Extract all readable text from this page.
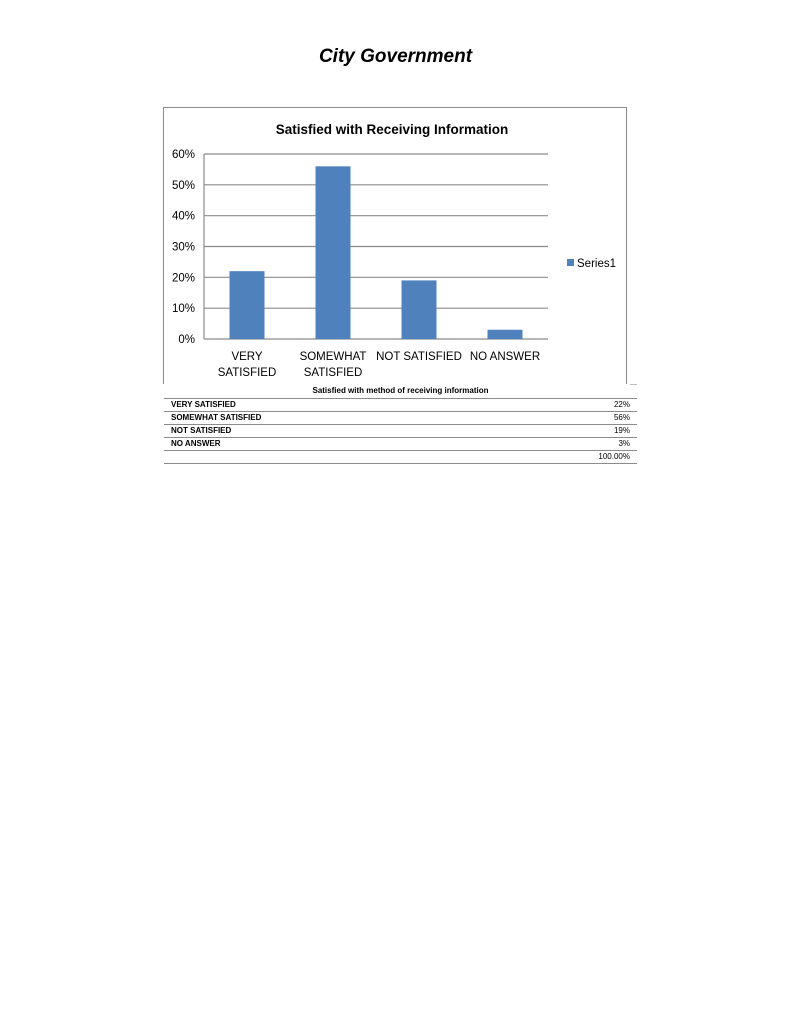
City Government
Satisfied with Receiving Information
0%
10%
20%
30%
40%
50%
60%
VERY SATISFIED
SOMEWHAT SATISFIED
NOT SATISFIED NO ANSWER
Series1
Satisfied with method of receiving information
VERY SATISFIED	22%
SOMEWHAT SATISFIED	56%
NOT SATISFIED	19%
NO ANSWER	3%
	100.00%
